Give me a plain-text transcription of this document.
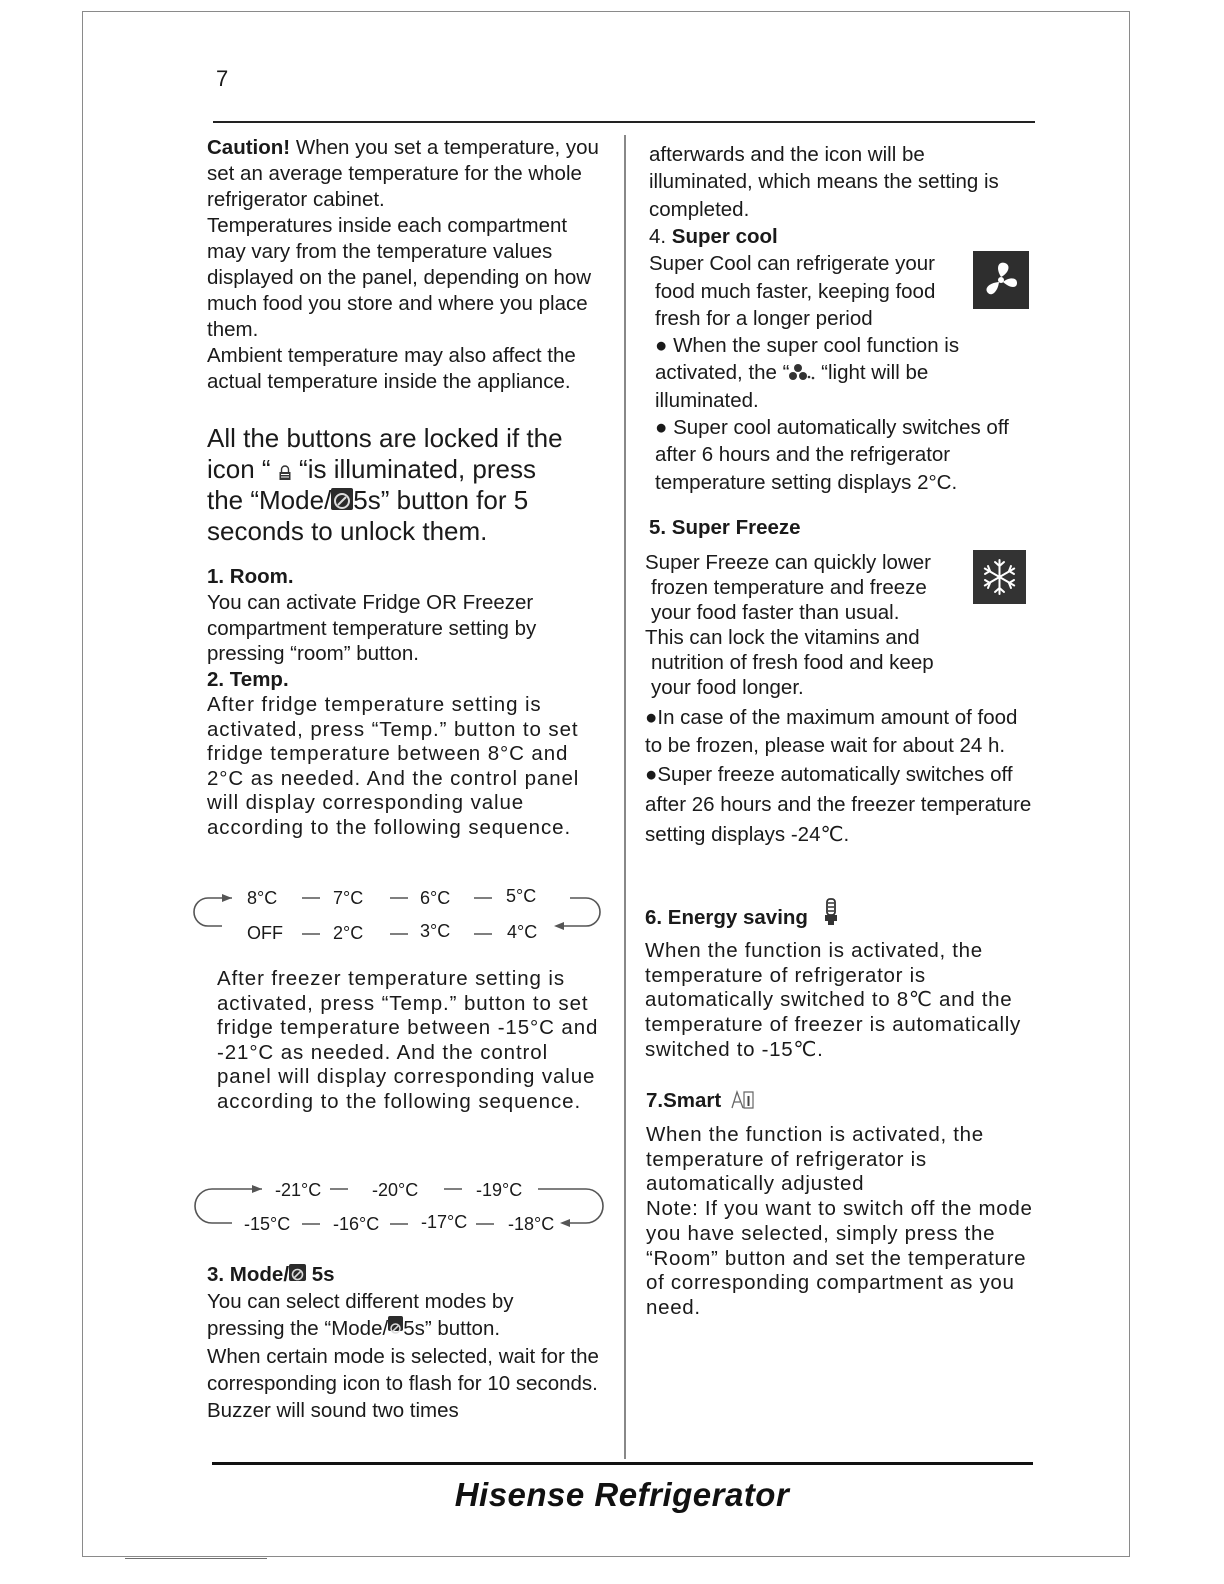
7
Hisense Refrigerator

Caution! When you set a temperature, you set an average temperature for the whole refrigerator cabinet.

Temperatures inside each compartment may vary from the temperature values displayed on the panel, depending on how much food you store and where you place them.

Ambient temperature may also affect the actual temperature inside the appliance.

All the buttons are locked if the

icon “  “is illuminated, press

the “Mode/ 5s” button for 5

seconds to unlock them.

1. Room.

You can activate Fridge OR Freezer compartment temperature setting by pressing “room” button.

2. Temp.

After fridge temperature setting is activated, press “Temp.” button to set fridge temperature between 8°C and 2°C as needed. And the control panel will display corresponding value according to the following sequence.

After freezer temperature setting is activated, press “Temp.” button to set fridge temperature between -15°C and -21°C as needed. And the control panel will display corresponding value according to the following sequence.

3. Mode/ 5s

You can select different modes by

pressing the “Mode/ 5s” button.

When certain mode is selected, wait for the corresponding icon to flash for 10 seconds. Buzzer will sound two times

8°C	7°C	6°C	5°C
OFF	2°C	3°C	4°C
-21°C	-20°C	-19°C
-15°C -16°C -17°C -18°C

afterwards and the icon will be illuminated, which means the setting is completed.

4. Super cool

Super Cool can refrigerate your food much faster, keeping food fresh for a longer period

● When the super cool function is activated, the “ “light will be illuminated.

● Super cool automatically switches off after 6 hours and the refrigerator temperature setting displays 2°C.

5. Super Freeze

Super Freeze can quickly lower frozen temperature and freeze your food faster than usual.

This can lock the vitamins and nutrition of fresh food and keep your food longer.

●In case of the maximum amount of food to be frozen, please wait for about 24 h.

●Super freeze automatically switches off after 26 hours and the freezer temperature setting displays -24℃.

6. Energy saving

When the function is activated, the temperature of refrigerator is automatically switched to 8℃ and the temperature of freezer is automatically switched to -15℃.

7.Smart

When the function is activated, the temperature of refrigerator is automatically adjusted

Note: If you want to switch off the mode you have selected, simply press the “Room” button and set the temperature of corresponding compartment as you need.
